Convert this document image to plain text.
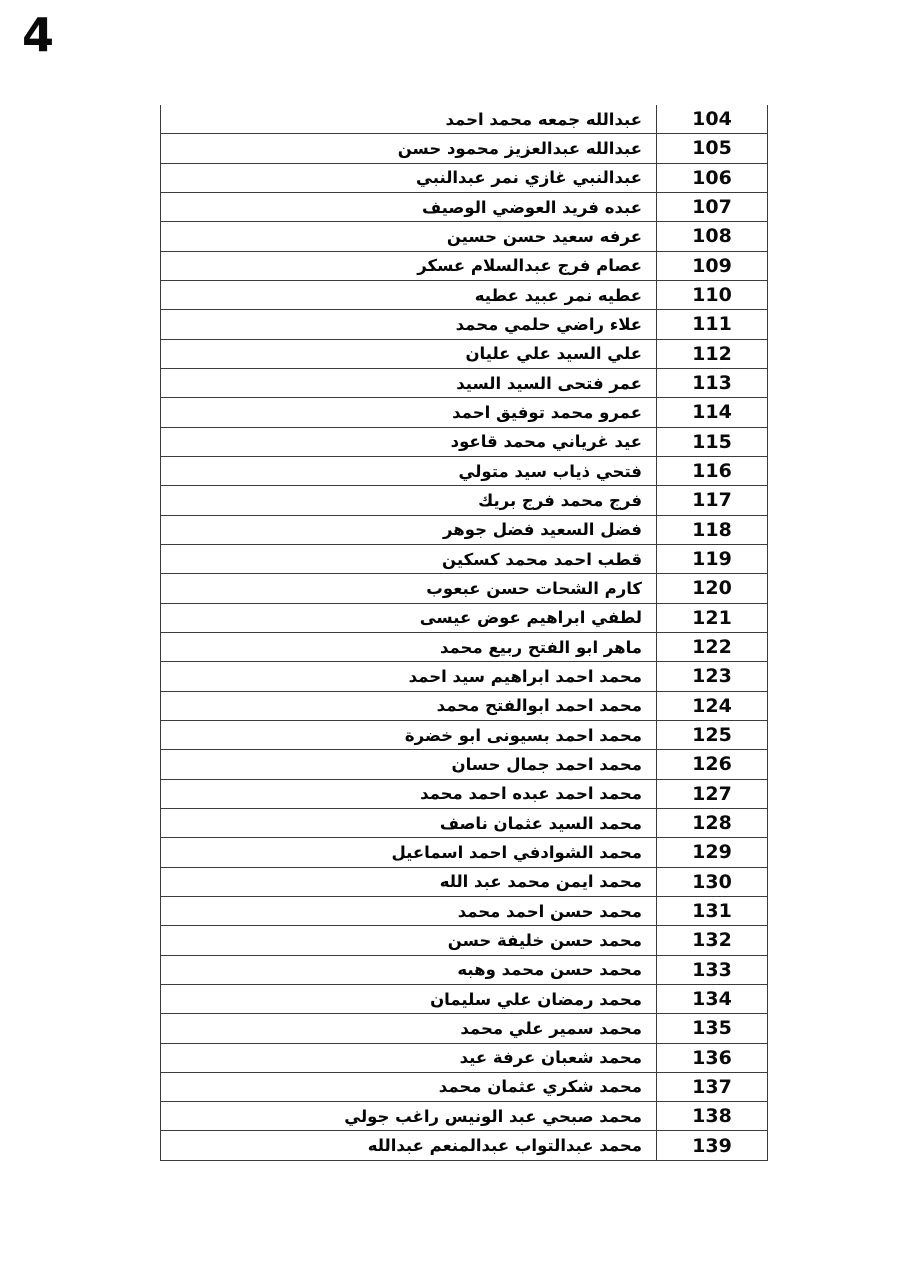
4
عبدالله جمعه محمد احمد	104
عبدالله عبدالعزيز محمود حسن	105
عبدالنبي غازي نمر عبدالنبي	106
عبده فريد العوضي الوصيف	107
عرفه سعيد حسن حسين	108
عصام فرج عبدالسلام عسكر	109
عطيه نمر عبيد عطيه	110
علاء راضي حلمي محمد	111
علي السيد علي عليان	112
عمر فتحى السيد السيد	113
عمرو محمد توفيق احمد	114
عيد غرياني محمد قاعود	115
فتحي ذياب سيد متولي	116
فرج محمد فرج بريك	117
فضل السعيد فضل جوهر	118
قطب احمد محمد كسكين	119
كارم الشحات حسن عبعوب	120
لطفي ابراهيم عوض عيسى	121
ماهر ابو الفتح ربيع محمد	122
محمد احمد ابراهيم سيد احمد	123
محمد احمد ابوالفتح محمد	124
محمد احمد بسيونى ابو خضرة	125
محمد احمد جمال حسان	126
محمد احمد عبده احمد محمد	127
محمد السيد عثمان ناصف	128
محمد الشوادفي احمد اسماعيل	129
محمد ايمن محمد عبد الله	130
محمد حسن احمد محمد	131
محمد حسن خليفة حسن	132
محمد حسن محمد وهبه	133
محمد رمضان علي سليمان	134
محمد سمير علي محمد	135
محمد شعبان عرفة عيد	136
محمد شكري عثمان محمد	137
محمد صبحي عبد الونيس راغب جولي	138
محمد عبدالتواب عبدالمنعم عبدالله	139
